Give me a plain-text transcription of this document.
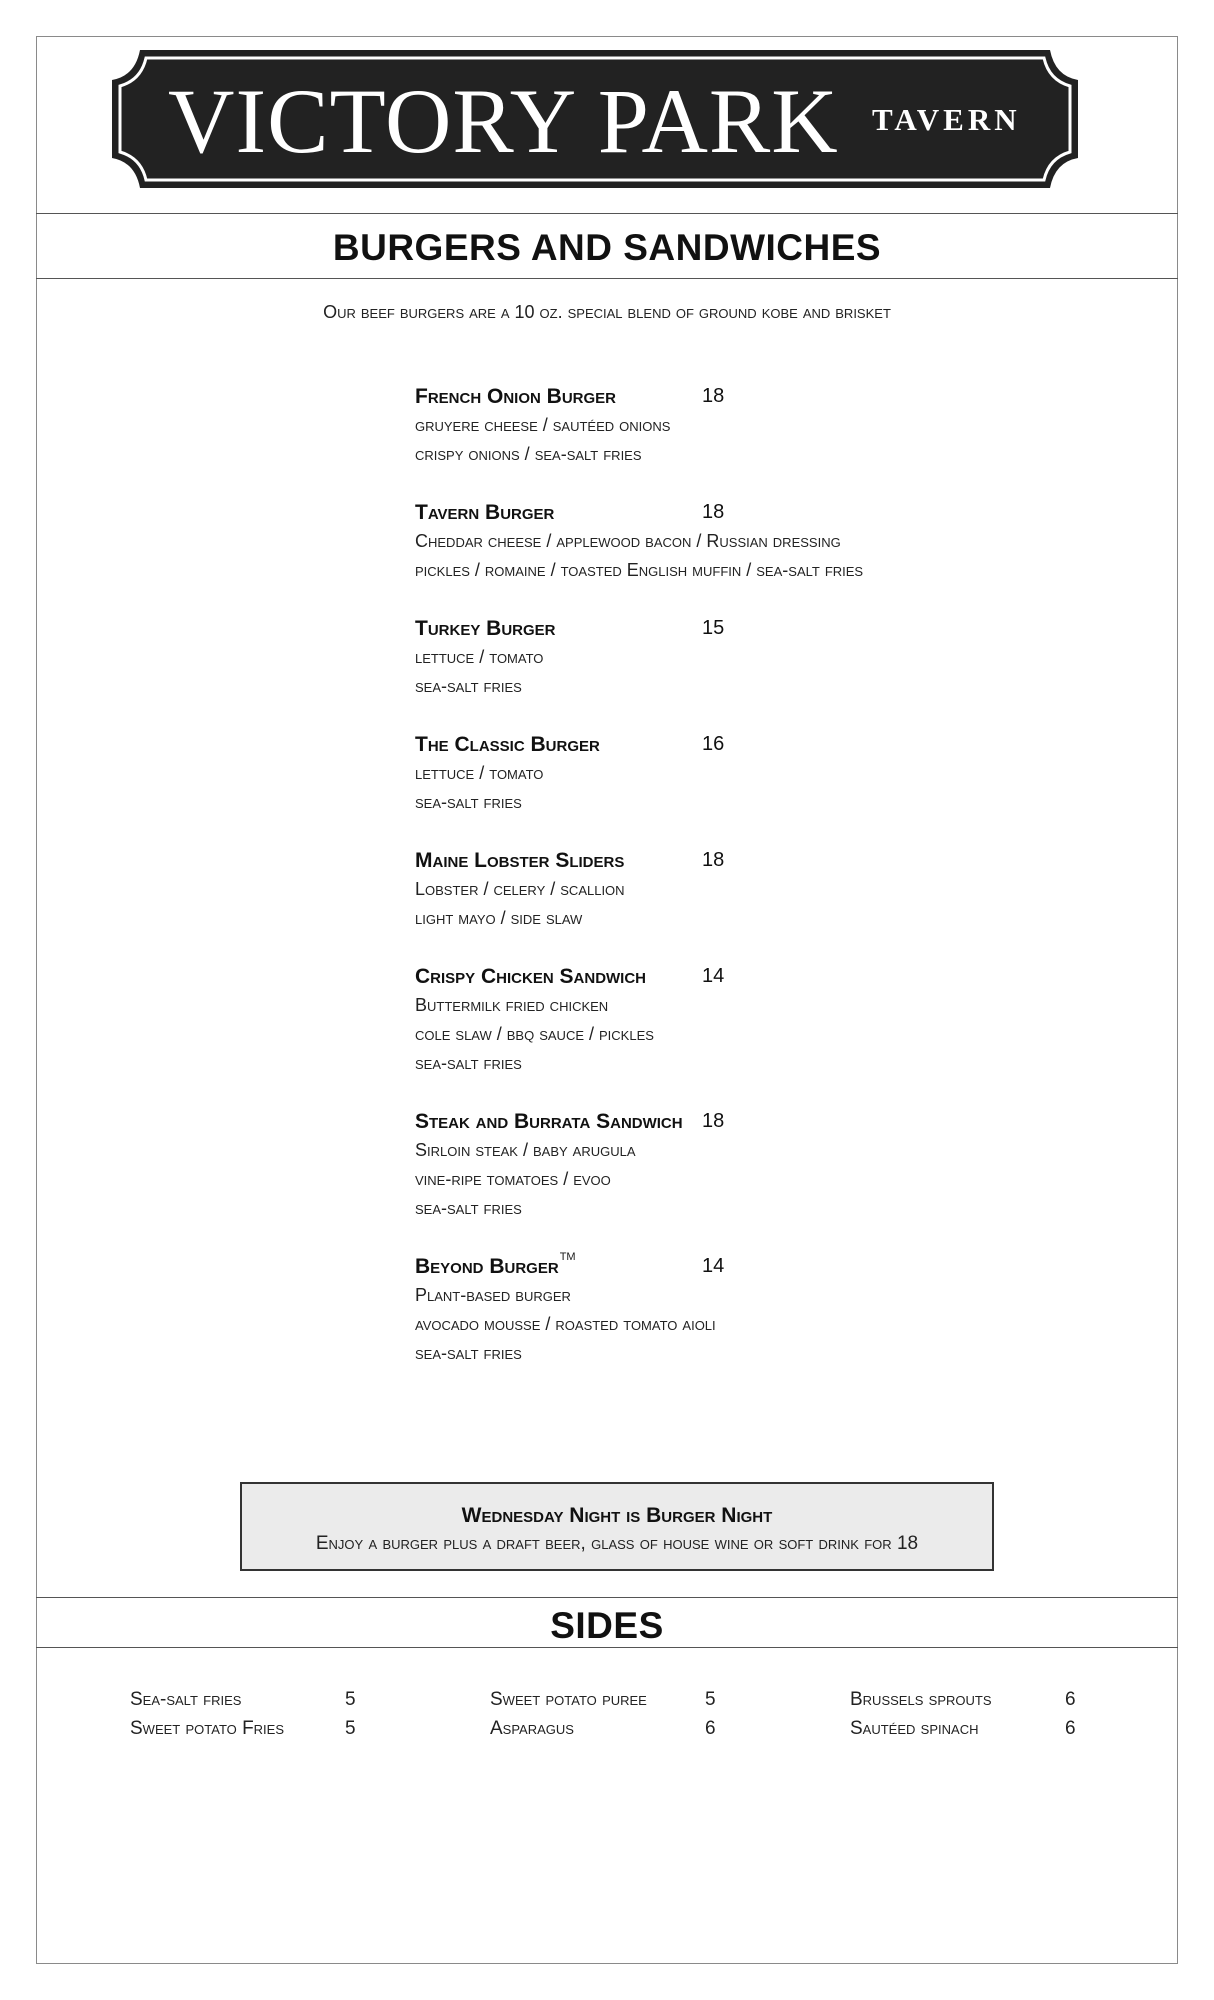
VICTORY PARK TAVERN
BURGERS AND SANDWICHES
Our beef burgers are a 10 oz. special blend of ground kobe and brisket
French Onion Burger	18
gruyere cheese / sautéed onions
crispy onions / sea-salt fries
Tavern Burger	18
Cheddar cheese / applewood bacon / Russian dressing
pickles / romaine / toasted English muffin / sea-salt fries
Turkey Burger	15
lettuce / tomato
sea-salt fries
The Classic Burger	16
lettuce / tomato
sea-salt fries
Maine Lobster Sliders	18
Lobster / celery / scallion
light mayo / side slaw
Crispy Chicken Sandwich	14
Buttermilk fried chicken
cole slaw / bbq sauce / pickles
sea-salt fries
Steak and Burrata Sandwich 18
Sirloin steak / baby arugula
vine-ripe tomatoes / evoo
sea-salt fries
Beyond Burger TM	14
Plant-based burger
avocado mousse / roasted tomato aioli
sea-salt fries
Wednesday Night is Burger Night
Enjoy a burger plus a draft beer, glass of house wine or soft drink for 18
SIDES
Sea-salt fries	5
Sweet potato Fries	5
Sweet potato puree	5
Asparagus	6
Brussels sprouts	6
Sautéed spinach	6
